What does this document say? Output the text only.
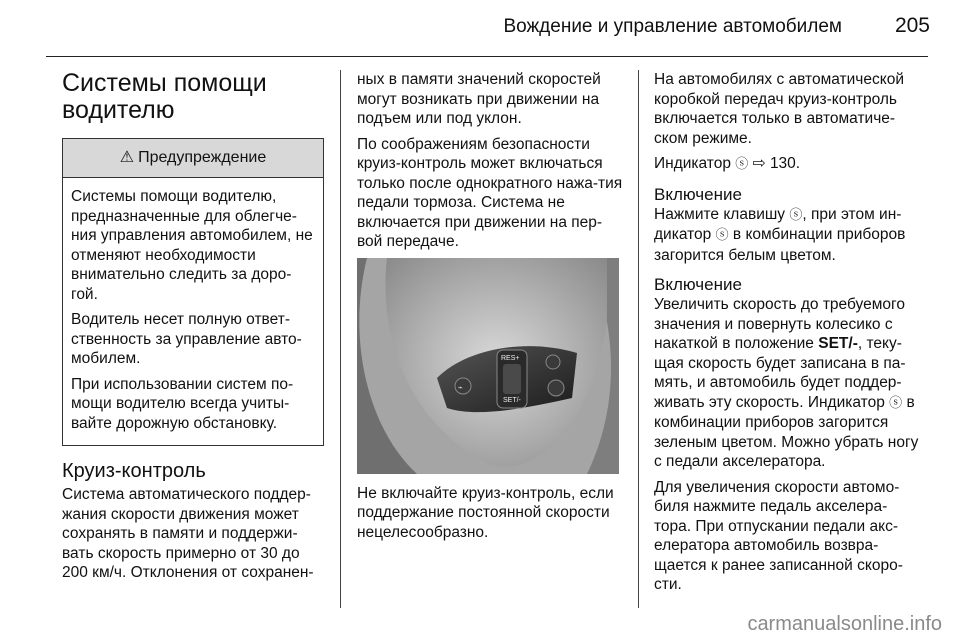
Вождение и управление автомобилем	205
Системы помощи водителю
⚠ Предупреждение

Системы помощи водителю, предназначенные для облегче-ния управления автомобилем, не отменяют необходимости внимательно следить за доро-гой.

Водитель несет полную ответ-ственность за управление авто-мобилем.

При использовании систем по-мощи водителю всегда учиты-вайте дорожную обстановку.

Круиз-контроль

Система автоматического поддер-жания скорости движения может сохранять в памяти и поддержи-вать скорость примерно от 30 до 200 км/ч. Отклонения от сохранен-

ных в памяти значений скоростей могут возникать при движении на подъем или под уклон.

По соображениям безопасности круиз-контроль может включаться только после однократного нажа-тия педали тормоза. Система не включается при движении на пер-вой передаче.

⌁
RES+
SET/-

Не включайте круиз-контроль, если поддержание постоянной скорости нецелесообразно.

На автомобилях с автоматической коробкой передач круиз-контроль включается только в автоматиче-ском режиме.

Индикатор ⓢ ⇨ 130.

Включение

Нажмите клавишу ⓢ, при этом ин-дикатор ⓢ в комбинации приборов загорится белым цветом.

Включение

Увеличить скорость до требуемого значения и повернуть колесико с накаткой в положение SET/-, теку-щая скорость будет записана в па-мять, и автомобиль будет поддер-живать эту скорость. Индикатор ⓢ в комбинации приборов загорится зеленым цветом. Можно убрать ногу с педали акселератора.

Для увеличения скорости автомо-биля нажмите педаль акселера-тора. При отпускании педали акс-елератора автомобиль возвра-щается к ранее записанной скоро-сти.

carmanualsonline.info
